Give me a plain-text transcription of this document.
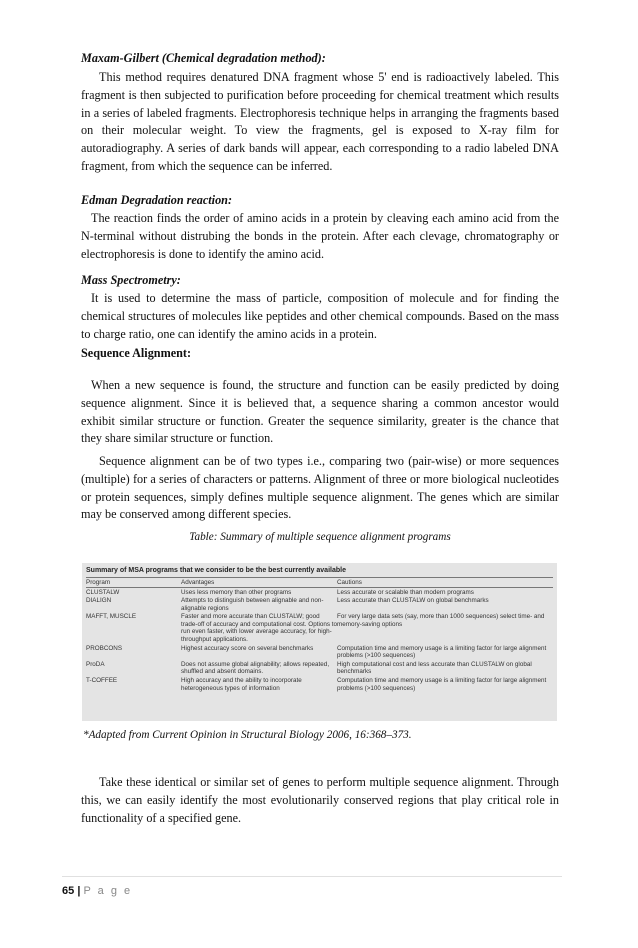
Maxam-Gilbert (Chemical degradation method):

This method requires denatured DNA fragment whose 5' end is radioactively labeled. This fragment is then subjected to purification before proceeding for chemical treatment which results in a series of labeled fragments. Electrophoresis technique helps in arranging the fragments based on their molecular weight. To view the fragments, gel is exposed to X-ray film for autoradiography. A series of dark bands will appear, each corresponding to a radio labeled DNA fragment, from which the sequence can be inferred.

Edman Degradation reaction:

The reaction finds the order of amino acids in a protein by cleaving each amino acid from the N-terminal without distrubing the bonds in the protein. After each clevage, chromatography or electrophoresis is done to identify the amino acid.

Mass Spectrometry:

It is used to determine the mass of particle, composition of molecule and for finding the chemical structures of molecules like peptides and other chemical compounds. Based on the mass to charge ratio, one can identify the amino acids in a protein.

Sequence Alignment:

When a new sequence is found, the structure and function can be easily predicted by doing sequence alignment. Since it is believed that, a sequence sharing a common ancestor would exhibit similar structure or function. Greater the sequence similarity, greater is the chance that they share similar structure or function.

Sequence alignment can be of two types i.e., comparing two (pair-wise) or more sequences (multiple) for a series of characters or patterns. Alignment of three or more biological nucleotides or protein sequences, simply defines multiple sequence alignment. The genes which are similar may be conserved among different species.

Table: Summary of multiple sequence alignment programs

Summary of MSA programs that we consider to be the best currently available
Program	Advantages	Cautions
CLUSTALW	Uses less memory than other programs	Less accurate or scalable than modern programs
DIALIGN	Attempts to distinguish between alignable and non-alignable regions	Less accurate than CLUSTALW on global benchmarks
MAFFT, MUSCLE	Faster and more accurate than CLUSTALW; good trade-off of accuracy and computational cost. Options to run even faster, with lower average accuracy, for high-throughput applications.	For very large data sets (say, more than 1000 sequences) select time- and memory-saving options
PROBCONS	Highest accuracy score on several benchmarks	Computation time and memory usage is a limiting factor for large alignment problems (>100 sequences)
ProDA	Does not assume global alignability; allows repeated, shuffled and absent domains.	High computational cost and less accurate than CLUSTALW on global benchmarks
T-COFFEE	High accuracy and the ability to incorporate heterogeneous types of information	Computation time and memory usage is a limiting factor for large alignment problems (>100 sequences)

*Adapted from Current Opinion in Structural Biology 2006, 16:368–373.

Take these identical or similar set of genes to perform multiple sequence alignment. Through this, we can easily identify the most evolutionarily conserved regions that play critical role in functionality of a specified gene.

65 | P a g e
